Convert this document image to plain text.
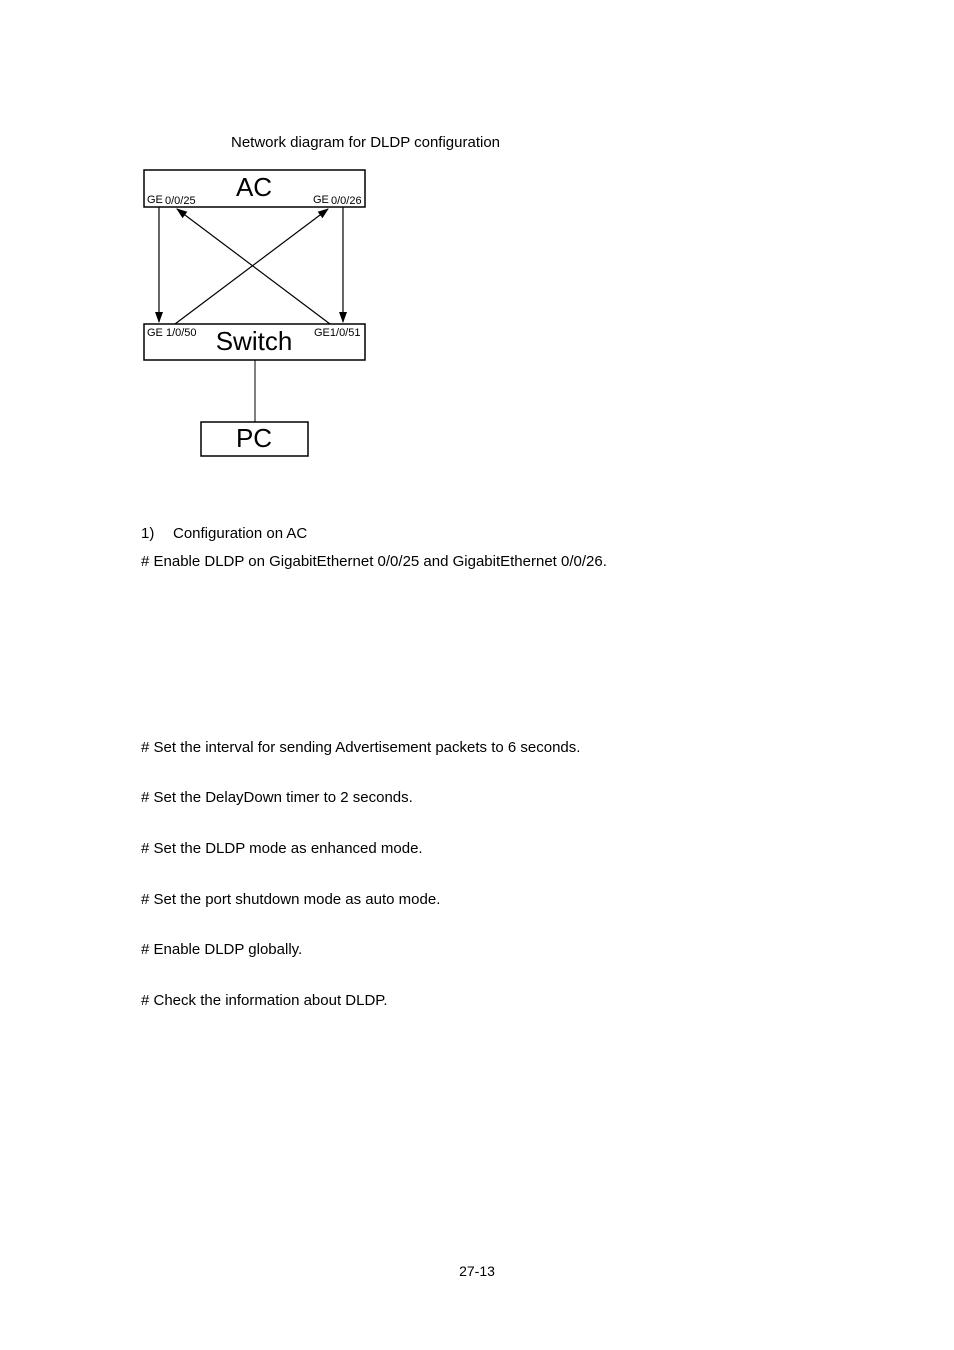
Network diagram for DLDP configuration
AC
GE 0/0/25	GE 0/0/26
Switch
GE 1/0/50	GE1/0/51
PC
1) Configuration on AC
# Enable DLDP on GigabitEthernet 0/0/25 and GigabitEthernet 0/0/26.
# Set the interval for sending Advertisement packets to 6 seconds.
# Set the DelayDown timer to 2 seconds.
# Set the DLDP mode as enhanced mode.
# Set the port shutdown mode as auto mode.
# Enable DLDP globally.
# Check the information about DLDP.
27-13
